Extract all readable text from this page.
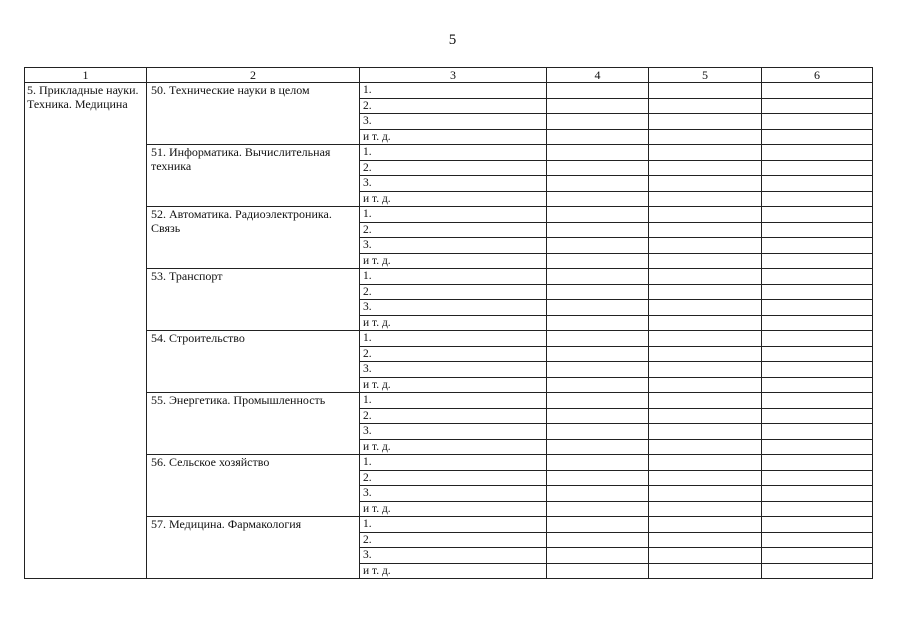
5
1	2	3	4	5	6
5. Прикладные науки. Техника. Медицина	50. Технические науки в целом	1.			
		2.			
		3.			
		и т. д.			
	51. Информатика. Вычислительная техника	1.			
		2.			
		3.			
		и т. д.			
	52. Автоматика. Радиоэлектроника. Связь	1.			
		2.			
		3.			
		и т. д.			
	53. Транспорт	1.			
		2.			
		3.			
		и т. д.			
	54. Строительство	1.			
		2.			
		3.			
		и т. д.			
	55. Энергетика. Промышленность	1.			
		2.			
		3.			
		и т. д.			
	56. Сельское хозяйство	1.			
		2.			
		3.			
		и т. д.			
	57. Медицина. Фармакология	1.			
		2.			
		3.			
		и т. д.			
